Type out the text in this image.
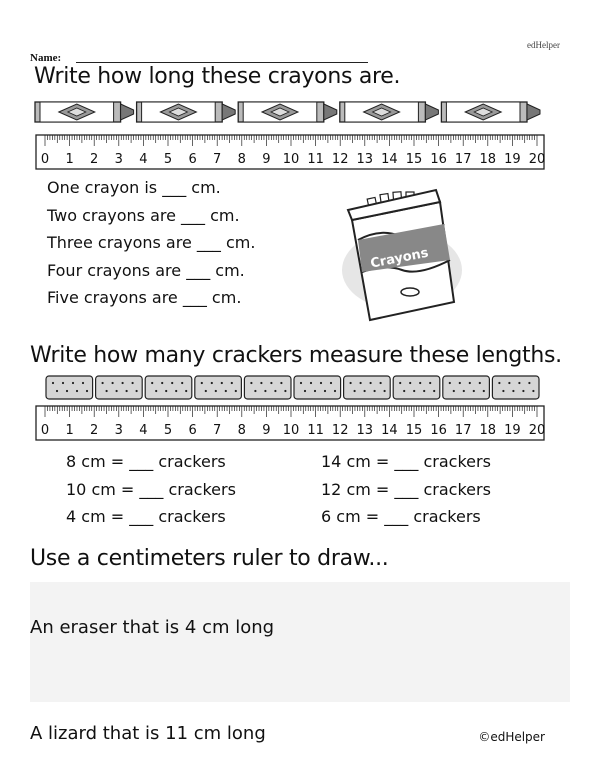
Name:
edHelper
Write how long these crayons are.
0 1 2 3 4 5 6 7 8 9 10 11 12 13 14 15 16 17 18 19 20
One crayon is ___ cm.
Two crayons are ___ cm.
Three crayons are ___ cm.
Four crayons are ___ cm.
Five crayons are ___ cm.
Crayons
Write how many crackers measure these lengths.
0 1 2 3 4 5 6 7 8 9 10 11 12 13 14 15 16 17 18 19 20
8 cm = ___ crackers
10 cm = ___ crackers
4 cm = ___ crackers
14 cm = ___ crackers
12 cm = ___ crackers
6 cm = ___ crackers
Use a centimeters ruler to draw...
An eraser that is 4 cm long
A lizard that is 11 cm long	©edHelper
